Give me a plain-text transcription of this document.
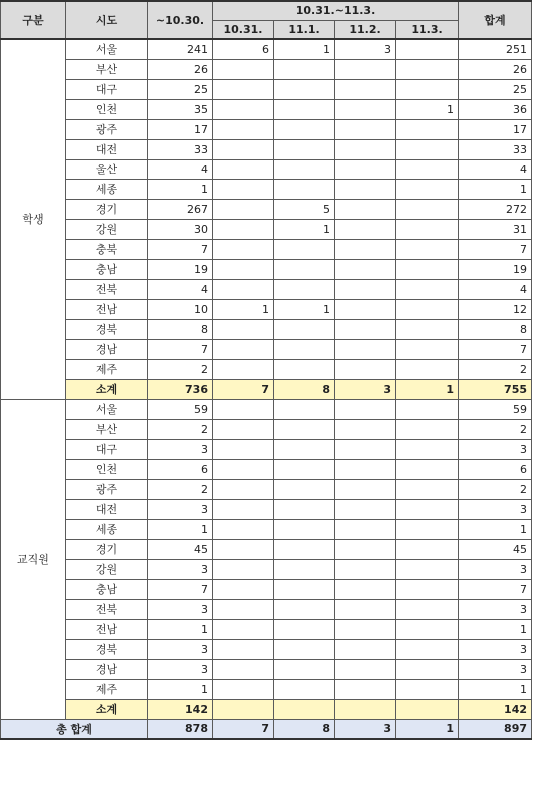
구분	시도	~10.30.	10.31.~11.3.				합계
			10.31.	11.1.	11.2.	11.3.	
학생	서울	241	6	1	3		251
	부산	26					26
	대구	25					25
	인천	35				1	36
	광주	17					17
	대전	33					33
	울산	4					4
	세종	1					1
	경기	267		5			272
	강원	30		1			31
	충북	7					7
	충남	19					19
	전북	4					4
	전남	10	1	1			12
	경북	8					8
	경남	7					7
	제주	2					2
	소계	736	7	8	3	1	755
교직원	서울	59					59
	부산	2					2
	대구	3					3
	인천	6					6
	광주	2					2
	대전	3					3
	세종	1					1
	경기	45					45
	강원	3					3
	충남	7					7
	전북	3					3
	전남	1					1
	경북	3					3
	경남	3					3
	제주	1					1
	소계	142					142
총 합계		878	7	8	3	1	897
